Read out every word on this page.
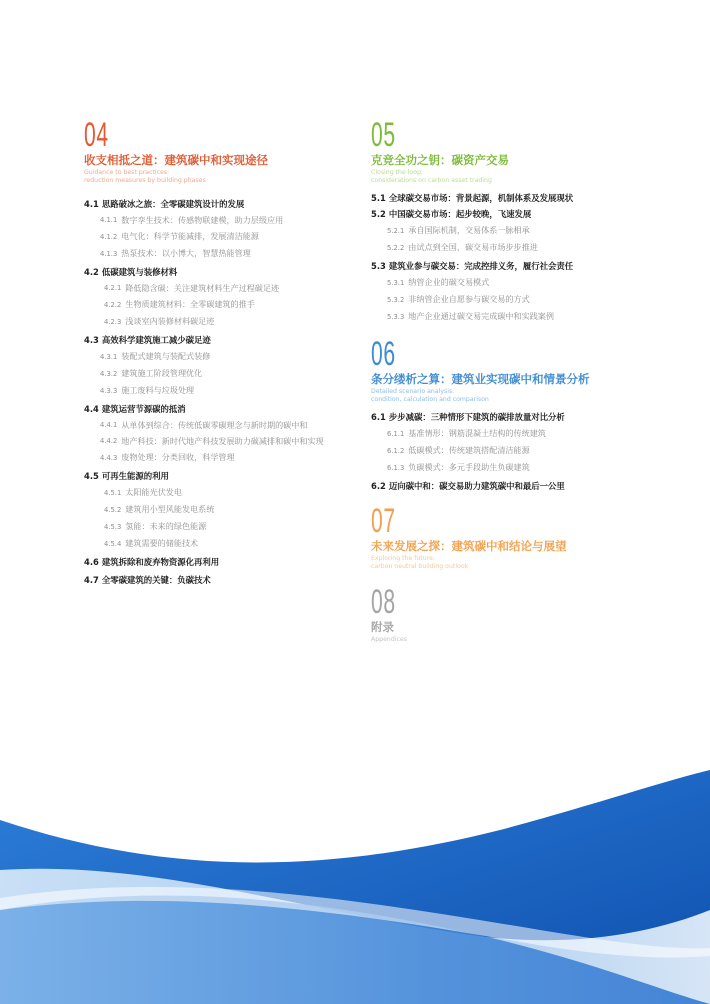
04
收支相抵之道：建筑碳中和实现途径
Guidance to best practices:
reduction measures by building phases
4.1 思路破冰之旅：全零碳建筑设计的发展
4.1.1 数字孪生技术：传感物联建模，助力层级应用
4.1.2 电气化：科学节能减排，发展清洁能源
4.1.3 热泵技术：以小博大，智慧热能管理
4.2 低碳建筑与装修材料
4.2.1 降低隐含碳：关注建筑材料生产过程碳足迹
4.2.2 生物质建筑材料：全零碳建筑的推手
4.2.3 浅谈室内装修材料碳足迹
4.3 高效科学建筑施工减少碳足迹
4.3.1 装配式建筑与装配式装修
4.3.2 建筑施工阶段管理优化
4.3.3 施工废料与垃圾处理
4.4 建筑运营节源碳的抵消
4.4.1 从单体到综合：传统低碳零碳理念与新时期的碳中和
4.4.2 地产科技：新时代地产科技发展助力碳减排和碳中和实现
4.4.3 废物处理：分类回收，科学管理
4.5 可再生能源的利用
4.5.1 太阳能光伏发电
4.5.2 建筑用小型风能发电系统
4.5.3 氢能：未来的绿色能源
4.5.4 建筑需要的储能技术
4.6 建筑拆除和废弃物资源化再利用
4.7 全零碳建筑的关键：负碳技术
05
克竞全功之钥：碳资产交易
Closing the loop:
considerations on carbon asset trading
5.1 全球碳交易市场：背景起源，机制体系及发展现状
5.2 中国碳交易市场：起步较晚，飞速发展
5.2.1 承自国际机制，交易体系一脉相承
5.2.2 由试点到全国，碳交易市场步步推进
5.3 建筑业参与碳交易：完成控排义务，履行社会责任
5.3.1 纳管企业的碳交易模式
5.3.2 非纳管企业自愿参与碳交易的方式
5.3.3 地产企业通过碳交易完成碳中和实践案例
06
条分缕析之算：建筑业实现碳中和情景分析
Detailed scenario analysis:
condition, calculation and comparison
6.1 步步减碳：三种情形下建筑的碳排放量对比分析
6.1.1 基准情形：钢筋混凝土结构的传统建筑
6.1.2 低碳模式：传统建筑搭配清洁能源
6.1.3 负碳模式：多元手段助生负碳建筑
6.2 迈向碳中和：碳交易助力建筑碳中和最后一公里
07
未来发展之探：建筑碳中和结论与展望
Exploring the future:
carbon neutral building outlook
08
附录
Appendices
